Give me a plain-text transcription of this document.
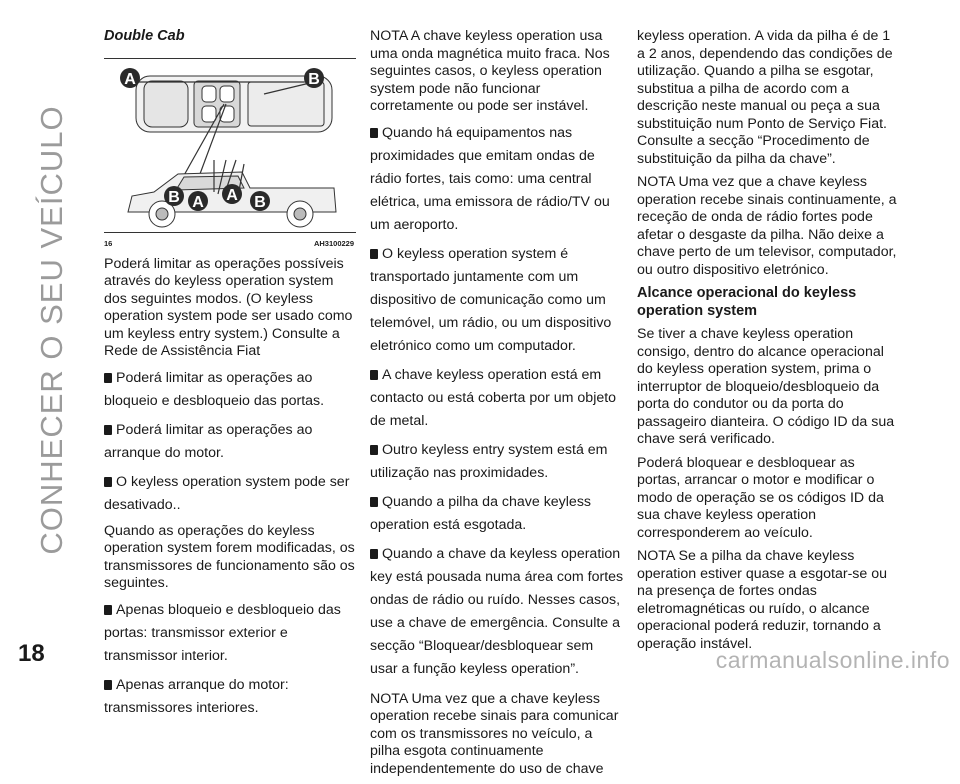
CONHECER O SEU VEÍCULO
Double Cab
A	B
B A A B
16	AH3100229

Poderá limitar as operações possíveis através do keyless operation system dos seguintes modos. (O keyless operation system pode ser usado como um keyless entry system.) Consulte a Rede de Assistência Fiat

Poderá limitar as operações ao bloqueio e desbloqueio das portas.

Poderá limitar as operações ao arranque do motor.

O keyless operation system pode ser desativado..

Quando as operações do keyless operation system forem modificadas, os transmissores de funcionamento são os seguintes.

Apenas bloqueio e desbloqueio das portas: transmissor exterior e transmissor interior.

Apenas arranque do motor: transmissores interiores.

NOTA A chave keyless operation usa uma onda magnética muito fraca. Nos seguintes casos, o keyless operation system pode não funcionar corretamente ou pode ser instável.

Quando há equipamentos nas proximidades que emitam ondas de rádio fortes, tais como: uma central elétrica, uma emissora de rádio/TV ou um aeroporto.

O keyless operation system é transportado juntamente com um dispositivo de comunicação como um telemóvel, um rádio, ou um dispositivo eletrónico como um computador.

A chave keyless operation está em contacto ou está coberta por um objeto de metal.

Outro keyless entry system está em utilização nas proximidades.

Quando a pilha da chave keyless operation está esgotada.

Quando a chave da keyless operation key está pousada numa área com fortes ondas de rádio ou ruído. Nesses casos, use a chave de emergência. Consulte a secção “Bloquear/desbloquear sem usar a função keyless operation”.

NOTA Uma vez que a chave keyless operation recebe sinais para comunicar com os transmissores no veículo, a pilha esgota continuamente independentemente do uso de chave

keyless operation. A vida da pilha é de 1 a 2 anos, dependendo das condições de utilização. Quando a pilha se esgotar, substitua a pilha de acordo com a descrição neste manual ou peça a sua substituição num Ponto de Serviço Fiat. Consulte a secção “Procedimento de substituição da pilha da chave”.

NOTA Uma vez que a chave keyless operation recebe sinais continuamente, a receção de onda de rádio fortes pode afetar o desgaste da pilha. Não deixe a chave perto de um televisor, computador, ou outro dispositivo eletrónico.

Alcance operacional do keyless operation system

Se tiver a chave keyless operation consigo, dentro do alcance operacional do keyless operation system, prima o interruptor de bloqueio/desbloqueio da porta do condutor ou da porta do passageiro dianteira. O código ID da sua chave será verificado.

Poderá bloquear e desbloquear as portas, arrancar o motor e modificar o modo de operação se os códigos ID da sua chave keyless operation corresponderem ao veículo.

NOTA Se a pilha da chave keyless operation estiver quase a esgotar-se ou na presença de fortes ondas eletromagnéticas ou ruído, o alcance operacional poderá reduzir, tornando a operação instável.

18	carmanualsonline.info
